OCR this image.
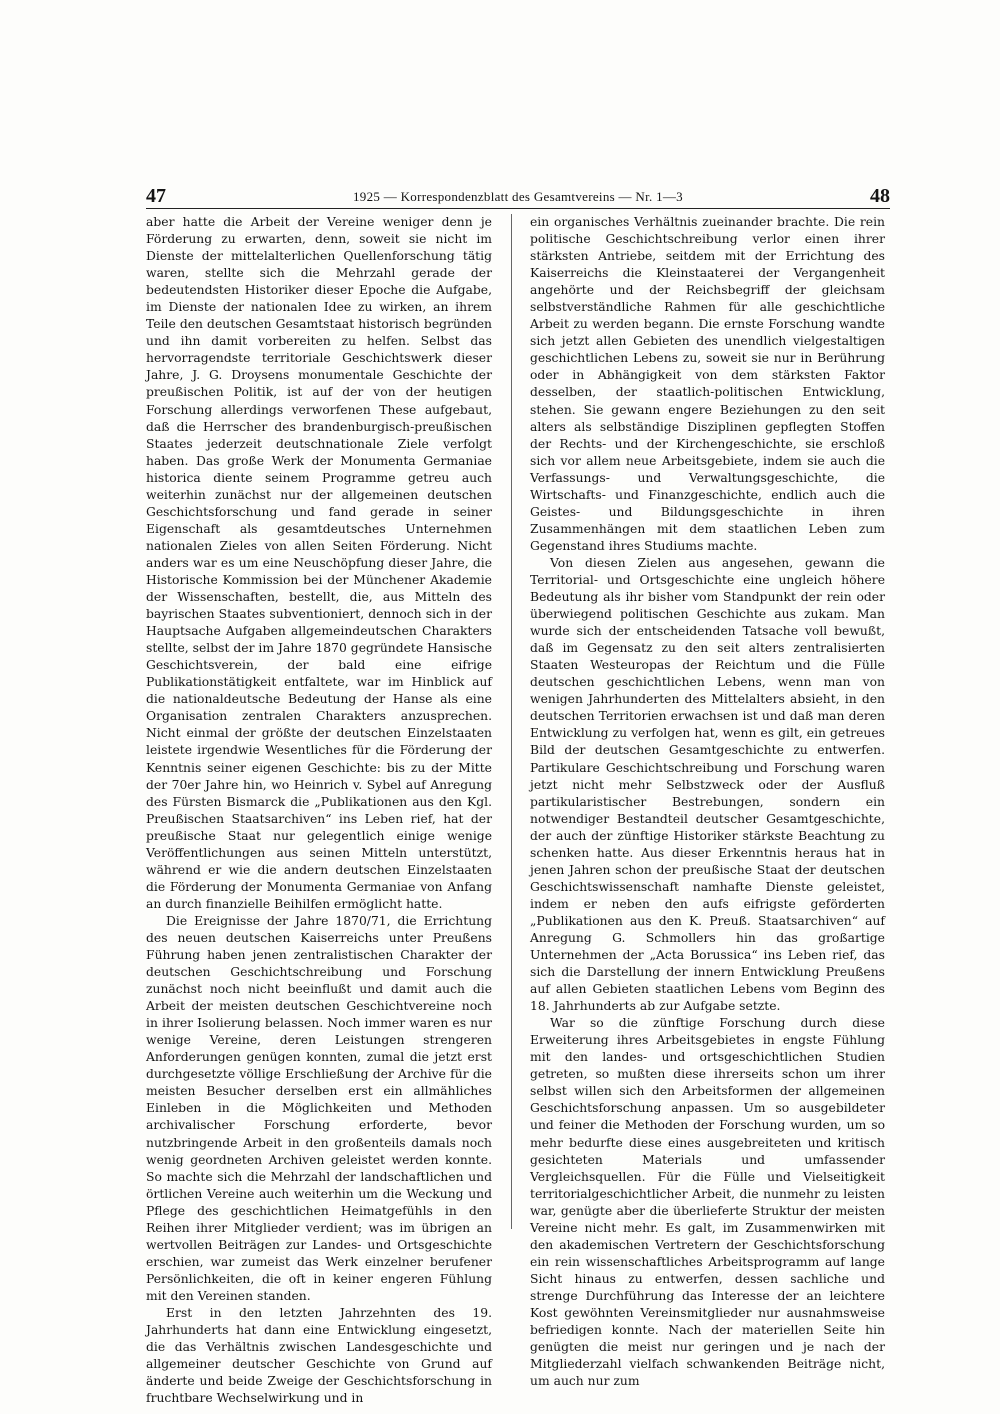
47	1925 — Korrespondenzblatt des Gesamtvereins — Nr. 1—3	48

aber hatte die Arbeit der Vereine weniger denn je Förderung zu erwarten, denn, soweit sie nicht im Dienste der mittelalterlichen Quellenforschung tätig waren, stellte sich die Mehrzahl gerade der bedeutendsten Historiker dieser Epoche die Aufgabe, im Dienste der nationalen Idee zu wirken, an ihrem Teile den deutschen Gesamtstaat historisch begründen und ihn damit vorbereiten zu helfen. Selbst das hervorragendste territoriale Geschichtswerk dieser Jahre, J. G. Droysens monumentale Geschichte der preußischen Politik, ist auf der von der heutigen Forschung allerdings verworfenen These aufgebaut, daß die Herrscher des brandenburgisch-preußischen Staates jederzeit deutschnationale Ziele verfolgt haben. Das große Werk der Monumenta Germaniae historica diente seinem Programme getreu auch weiterhin zunächst nur der allgemeinen deutschen Geschichtsforschung und fand gerade in seiner Eigenschaft als gesamtdeutsches Unternehmen nationalen Zieles von allen Seiten Förderung. Nicht anders war es um eine Neuschöpfung dieser Jahre, die Historische Kommission bei der Münchener Akademie der Wissenschaften, bestellt, die, aus Mitteln des bayrischen Staates subventioniert, dennoch sich in der Hauptsache Aufgaben allgemeindeutschen Charakters stellte, selbst der im Jahre 1870 gegründete Hansische Geschichtsverein, der bald eine eifrige Publikationstätigkeit entfaltete, war im Hinblick auf die nationaldeutsche Bedeutung der Hanse als eine Organisation zentralen Charakters anzusprechen. Nicht einmal der größte der deutschen Einzelstaaten leistete irgendwie Wesentliches für die Förderung der Kenntnis seiner eigenen Geschichte: bis zu der Mitte der 70er Jahre hin, wo Heinrich v. Sybel auf Anregung des Fürsten Bismarck die „Publikationen aus den Kgl. Preußischen Staatsarchiven“ ins Leben rief, hat der preußische Staat nur gelegentlich einige wenige Veröffentlichungen aus seinen Mitteln unterstützt, während er wie die andern deutschen Einzelstaaten die Förderung der Monumenta Germaniae von Anfang an durch finanzielle Beihilfen ermöglicht hatte.

Die Ereignisse der Jahre 1870/71, die Errichtung des neuen deutschen Kaiserreichs unter Preußens Führung haben jenen zentralistischen Charakter der deutschen Geschichtschreibung und Forschung zunächst noch nicht beeinflußt und damit auch die Arbeit der meisten deutschen Geschichtvereine noch in ihrer Isolierung belassen. Noch immer waren es nur wenige Vereine, deren Leistungen strengeren Anforderungen genügen konnten, zumal die jetzt erst durchgesetzte völlige Erschließung der Archive für die meisten Besucher derselben erst ein allmähliches Einleben in die Möglichkeiten und Methoden archivalischer Forschung erforderte, bevor nutzbringende Arbeit in den großenteils damals noch wenig geordneten Archiven geleistet werden konnte. So machte sich die Mehrzahl der landschaftlichen und örtlichen Vereine auch weiterhin um die Weckung und Pflege des geschichtlichen Heimatgefühls in den Reihen ihrer Mitglieder verdient; was im übrigen an wertvollen Beiträgen zur Landes- und Ortsgeschichte erschien, war zumeist das Werk einzelner berufener Persönlichkeiten, die oft in keiner engeren Fühlung mit den Vereinen standen.

Erst in den letzten Jahrzehnten des 19. Jahrhunderts hat dann eine Entwicklung eingesetzt, die das Verhältnis zwischen Landesgeschichte und allgemeiner deutscher Geschichte von Grund auf änderte und beide Zweige der Geschichtsforschung in fruchtbare Wechselwirkung und in

ein organisches Verhältnis zueinander brachte. Die rein politische Geschichtschreibung verlor einen ihrer stärksten Antriebe, seitdem mit der Errichtung des Kaiserreichs die Kleinstaaterei der Vergangenheit angehörte und der Reichsbegriff der gleichsam selbstverständliche Rahmen für alle geschichtliche Arbeit zu werden begann. Die ernste Forschung wandte sich jetzt allen Gebieten des unendlich vielgestaltigen geschichtlichen Lebens zu, soweit sie nur in Berührung oder in Abhängigkeit von dem stärksten Faktor desselben, der staatlich-politischen Entwicklung, stehen. Sie gewann engere Beziehungen zu den seit alters als selbständige Disziplinen gepflegten Stoffen der Rechts- und der Kirchengeschichte, sie erschloß sich vor allem neue Arbeitsgebiete, indem sie auch die Verfassungs- und Verwaltungsgeschichte, die Wirtschafts- und Finanzgeschichte, endlich auch die Geistes- und Bildungsgeschichte in ihren Zusammenhängen mit dem staatlichen Leben zum Gegenstand ihres Studiums machte.

Von diesen Zielen aus angesehen, gewann die Territorial- und Ortsgeschichte eine ungleich höhere Bedeutung als ihr bisher vom Standpunkt der rein oder überwiegend politischen Geschichte aus zukam. Man wurde sich der entscheidenden Tatsache voll bewußt, daß im Gegensatz zu den seit alters zentralisierten Staaten Westeuropas der Reichtum und die Fülle deutschen geschichtlichen Lebens, wenn man von wenigen Jahrhunderten des Mittelalters absieht, in den deutschen Territorien erwachsen ist und daß man deren Entwicklung zu verfolgen hat, wenn es gilt, ein getreues Bild der deutschen Gesamtgeschichte zu entwerfen. Partikulare Geschichtschreibung und Forschung waren jetzt nicht mehr Selbstzweck oder der Ausfluß partikularistischer Bestrebungen, sondern ein notwendiger Bestandteil deutscher Gesamtgeschichte, der auch der zünftige Historiker stärkste Beachtung zu schenken hatte. Aus dieser Erkenntnis heraus hat in jenen Jahren schon der preußische Staat der deutschen Geschichtswissenschaft namhafte Dienste geleistet, indem er neben den aufs eifrigste geförderten „Publikationen aus den K. Preuß. Staatsarchiven“ auf Anregung G. Schmollers hin das großartige Unternehmen der „Acta Borussica“ ins Leben rief, das sich die Darstellung der innern Entwicklung Preußens auf allen Gebieten staatlichen Lebens vom Beginn des 18. Jahrhunderts ab zur Aufgabe setzte.

War so die zünftige Forschung durch diese Erweiterung ihres Arbeitsgebietes in engste Fühlung mit den landes- und ortsgeschichtlichen Studien getreten, so mußten diese ihrerseits schon um ihrer selbst willen sich den Arbeitsformen der allgemeinen Geschichtsforschung anpassen. Um so ausgebildeter und feiner die Methoden der Forschung wurden, um so mehr bedurfte diese eines ausgebreiteten und kritisch gesichteten Materials und umfassender Vergleichsquellen. Für die Fülle und Vielseitigkeit territorialgeschichtlicher Arbeit, die nunmehr zu leisten war, genügte aber die überlieferte Struktur der meisten Vereine nicht mehr. Es galt, im Zusammenwirken mit den akademischen Vertretern der Geschichtsforschung ein rein wissenschaftliches Arbeitsprogramm auf lange Sicht hinaus zu entwerfen, dessen sachliche und strenge Durchführung das Interesse der an leichtere Kost gewöhnten Vereinsmitglieder nur ausnahmsweise befriedigen konnte. Nach der materiellen Seite hin genügten die meist nur geringen und je nach der Mitgliederzahl vielfach schwankenden Beiträge nicht, um auch nur zum
